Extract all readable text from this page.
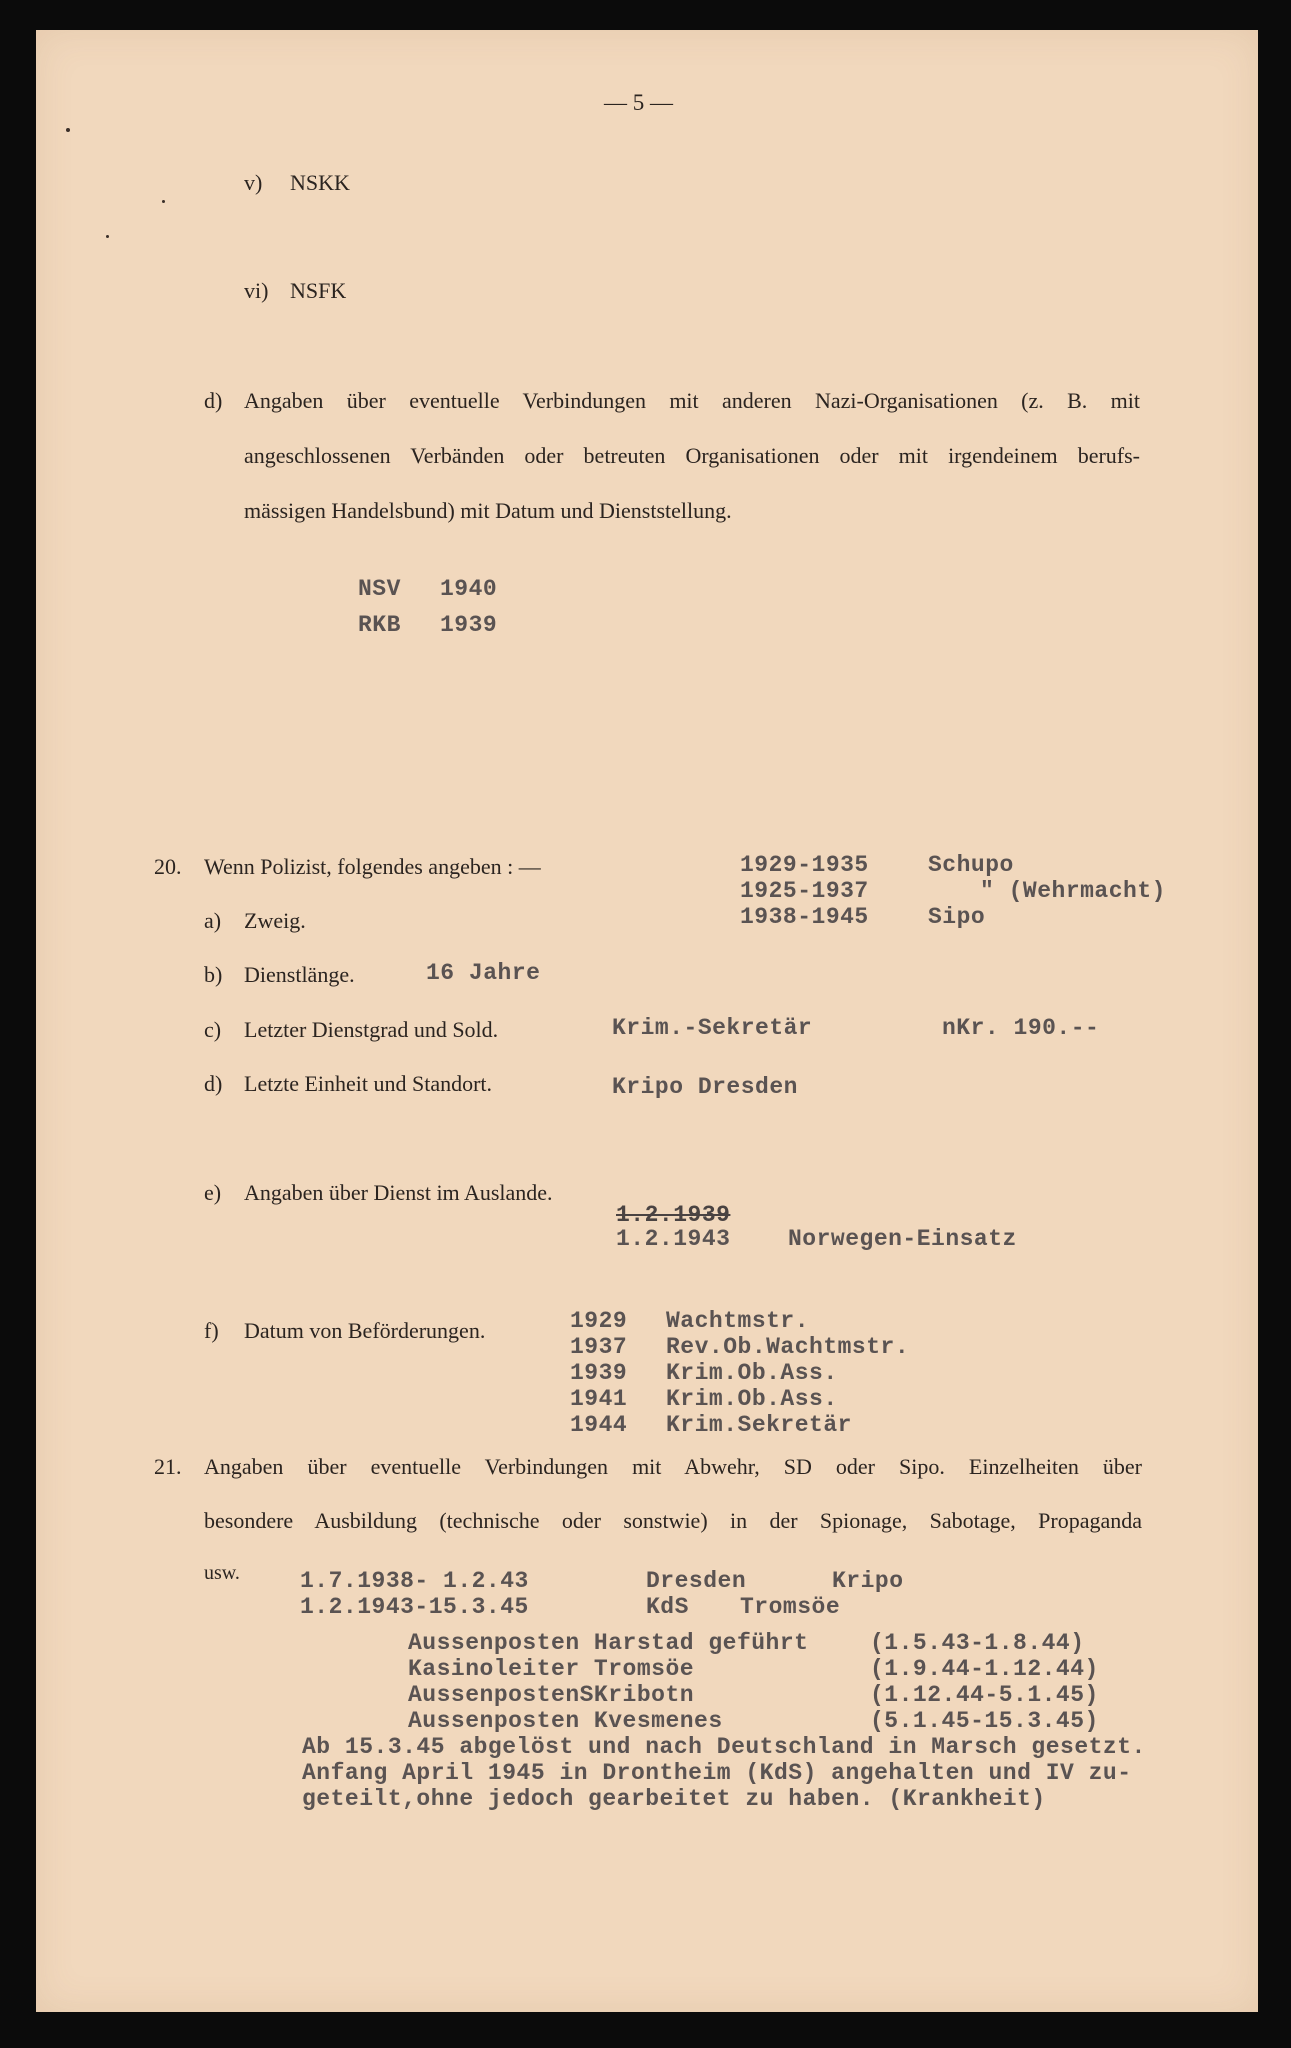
— 5 —
v) NSKK
vi) NSFK
d) Angaben über eventuelle Verbindungen mit anderen Nazi-Organisationen (z. B. mit
angeschlossenen Verbänden oder betreuten Organisationen oder mit irgendeinem berufs-
mässigen Handelsbund) mit Datum und Dienststellung.
NSV 1940
RKB 1939
20. Wenn Polizist, folgendes angeben : —	1929-1935	Schupo
1925-1937	" (Wehrmacht)
1938-1945	Sipo
a) Zweig.
b) Dienstlänge.	16 Jahre
c) Letzter Dienstgrad und Sold.	Krim.-Sekretär	nKr. 190.--
d) Letzte Einheit und Standort.	Kripo Dresden
e) Angaben über Dienst im Auslande.
1.2.1939
1.2.1943	Norwegen-Einsatz
f) Datum von Beförderungen.	1929 Wachtmstr.
1937 Rev.Ob.Wachtmstr.
1939 Krim.Ob.Ass.
1941 Krim.Ob.Ass.
1944 Krim.Sekretär
21. Angaben über eventuelle Verbindungen mit Abwehr, SD oder Sipo. Einzelheiten über
besondere Ausbildung (technische oder sonstwie) in der Spionage, Sabotage, Propaganda
usw.	1.7.1938- 1.2.43	Dresden	Kripo
1.2.1943-15.3.45	KdS Tromsöe
Aussenposten Harstad geführt	(1.5.43-1.8.44)
Kasinoleiter Tromsöe	(1.9.44-1.12.44)
AussenpostenSKribotn	(1.12.44-5.1.45)
Aussenposten Kvesmenes	(5.1.45-15.3.45)
Ab 15.3.45 abgelöst und nach Deutschland in Marsch gesetzt.
Anfang April 1945 in Drontheim (KdS) angehalten und IV zu-
geteilt,ohne jedoch gearbeitet zu haben. (Krankheit)
